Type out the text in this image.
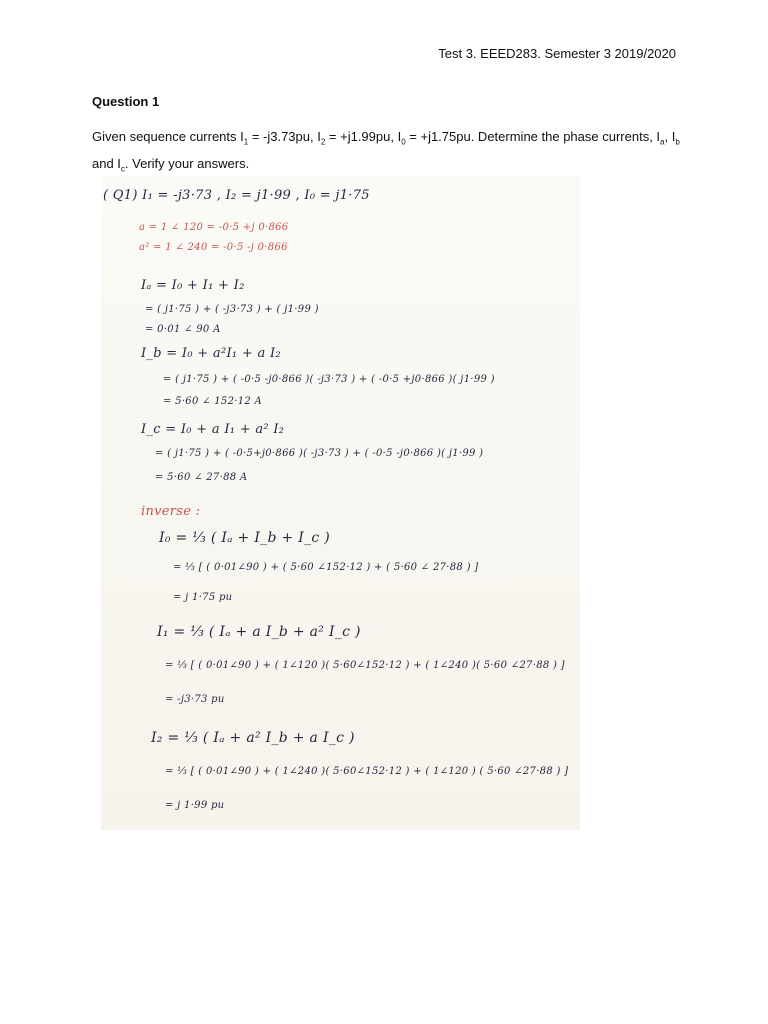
Test 3. EEED283. Semester 3 2019/2020
Question 1
Given sequence currents $I_1 = -j3.73pu$, $I_2 = +j1.99pu$, $I_0 = +j1.75pu$. Determine the phase currents, $I_a$, $I_b$ and $I_c$. Verify your answers.
( Q1) I₁ = -j3·73 , I₂ = j1·99 , I₀ = j1·75
a = 1 ∠ 120 = -0·5 +j 0·866
a² = 1 ∠ 240 = -0·5 -j 0·866
Iₐ = I₀ + I₁ + I₂
= ( j1·75 ) + ( -j3·73 ) + ( j1·99 )
= 0·01 ∠ 90 A
I_b = I₀ + a²I₁ + a I₂
= ( j1·75 ) + ( -0·5 -j0·866 )( -j3·73 ) + ( -0·5 +j0·866 )( j1·99 )
= 5·60 ∠ 152·12 A
I_c = I₀ + a I₁ + a² I₂
= ( j1·75 ) + ( -0·5+j0·866 )( -j3·73 ) + ( -0·5 -j0·866 )( j1·99 )
= 5·60 ∠ 27·88 A
inverse :
I₀ = ⅓ ( Iₐ + I_b + I_c )
= ⅓ [ ( 0·01∠90 ) + ( 5·60 ∠152·12 ) + ( 5·60 ∠ 27·88 ) ]
= j 1·75 pu
I₁ = ⅓ ( Iₐ + a I_b + a² I_c )
= ⅓ [ ( 0·01∠90 ) + ( 1∠120 )( 5·60∠152·12 ) + ( 1∠240 )( 5·60 ∠27·88 ) ]
= -j3·73 pu
I₂ = ⅓ ( Iₐ + a² I_b + a I_c )
= ⅓ [ ( 0·01∠90 ) + ( 1∠240 )( 5·60∠152·12 ) + ( 1∠120 ) ( 5·60 ∠27·88 ) ]
= j 1·99 pu
